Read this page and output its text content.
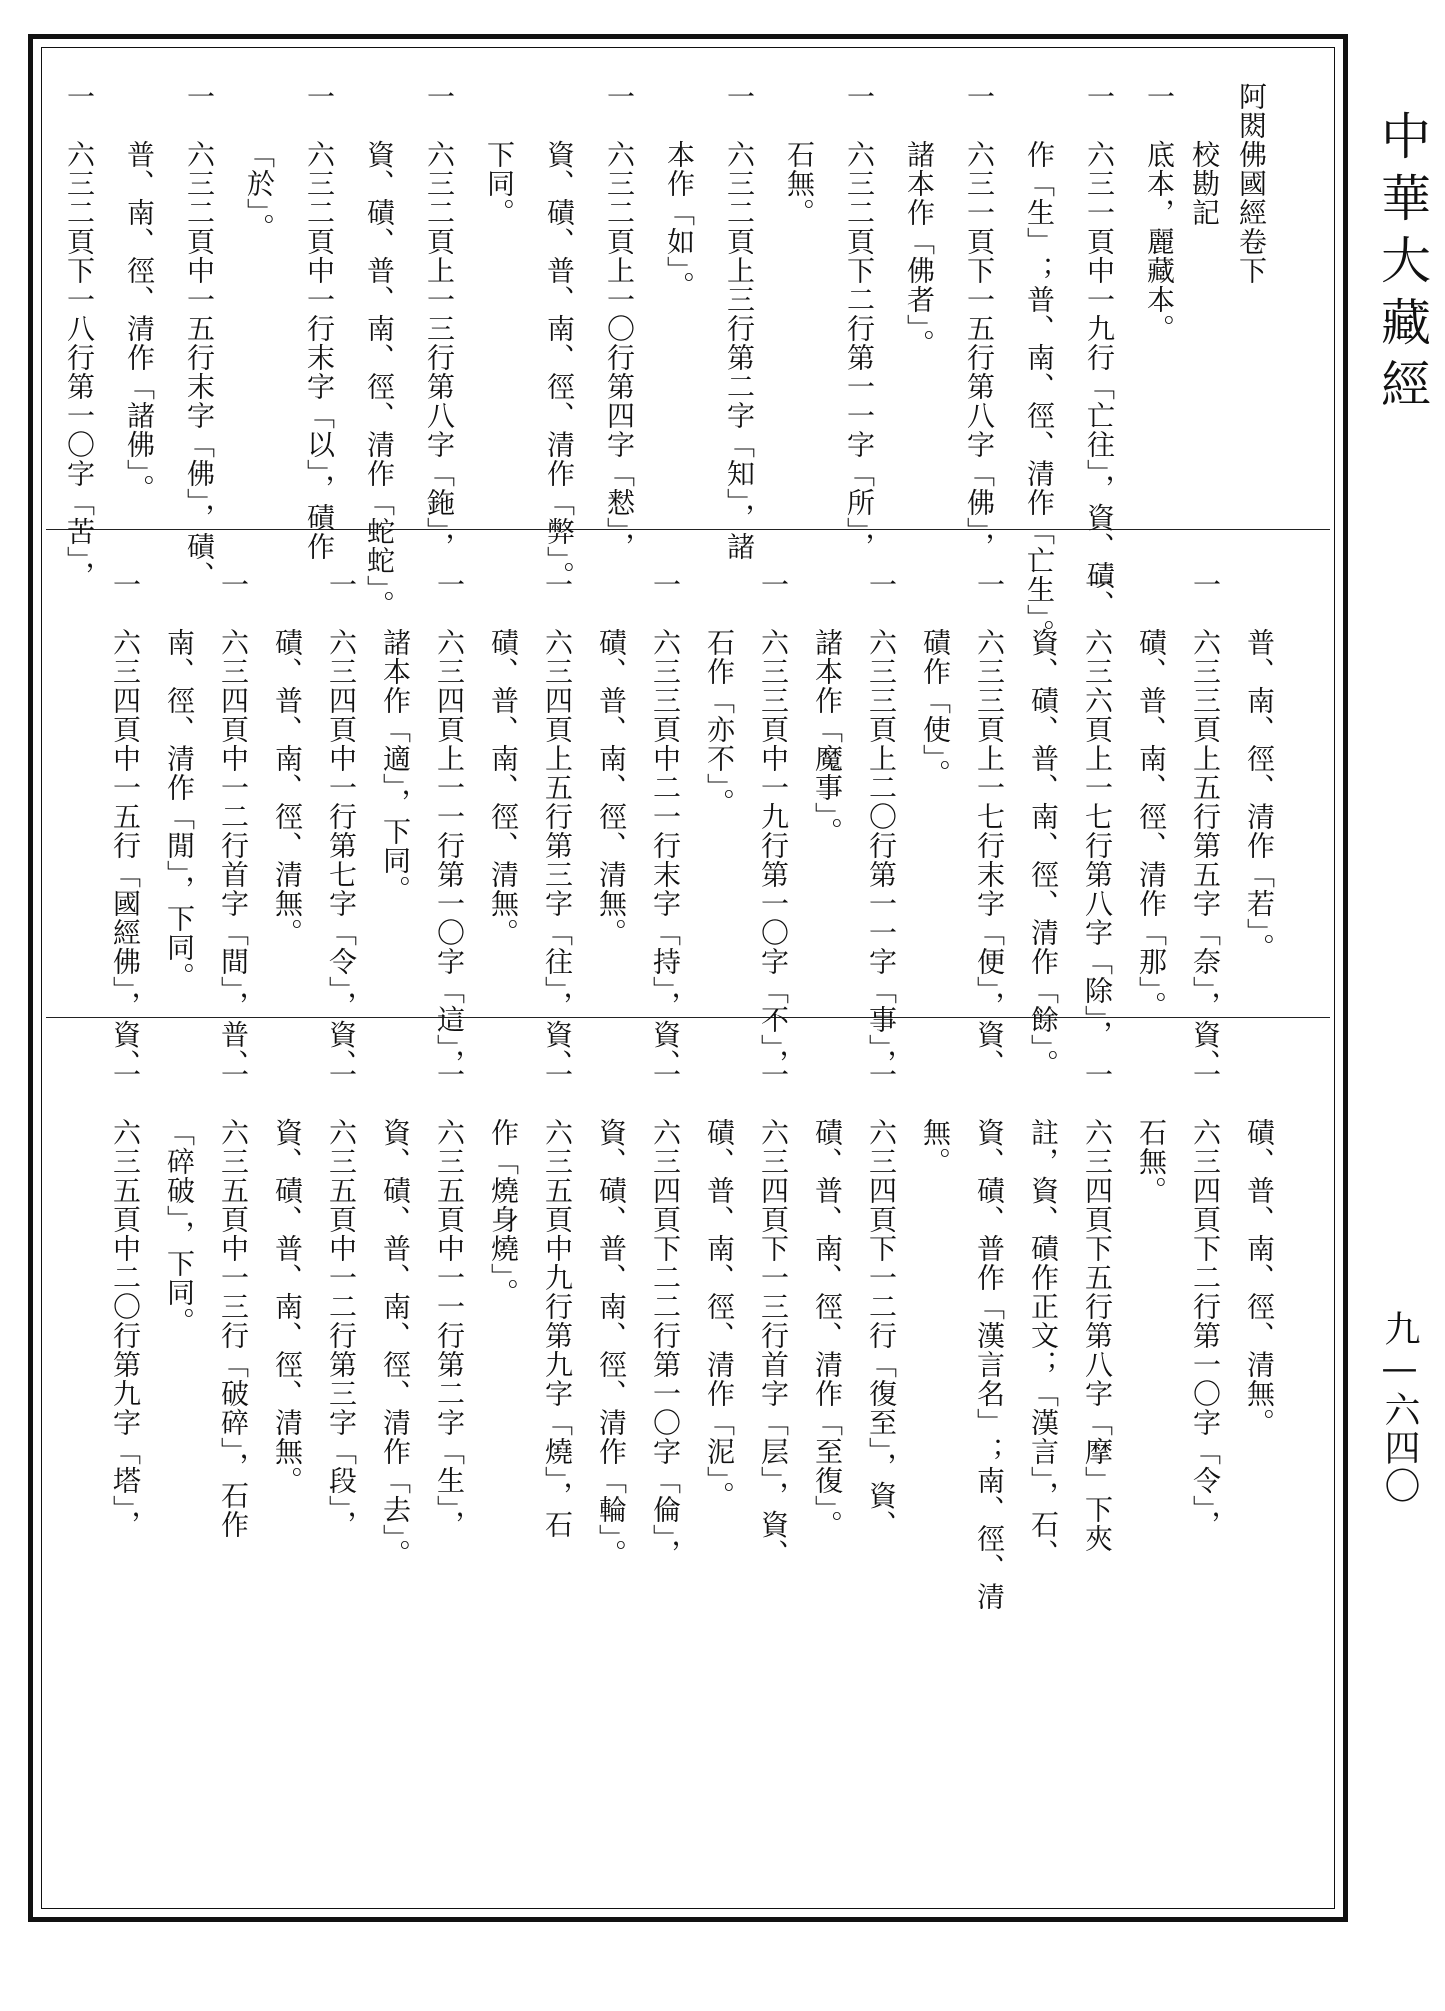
中華大藏經
九—六四〇
阿閦佛國經卷下
校勘記
一　底本，麗藏本。
一　六三一頁中一九行「亡往」，資、磧、
作「生」；普、南、徑、清作「亡生」。
一　六三一頁下一五行第八字「佛」，
諸本作「佛者」。
一　六三二頁下二行第一一字「所」，
石無。
一　六三二頁上三行第二字「知」，諸
本作「如」。
一　六三二頁上一〇行第四字「慭」，
資、磧、普、南、徑、清作「弊」。
下同。
一　六三二頁上一三行第八字「鉇」，
資、磧、普、南、徑、清作「蛇蛇」。
一　六三二頁中一行末字「以」，磧作
「於」。
一　六三二頁中一五行末字「佛」，磧、
普、南、徑、清作「諸佛」。
一　六三二頁下一八行第一〇字「苦」，
普、南、徑、清作「若」。
一　六三三頁上五行第五字「奈」，資、
磧、普、南、徑、清作「那」。
一　六三六頁上一七行第八字「除」，
資、磧、普、南、徑、清作「餘」。
一　六三三頁上一七行末字「便」，資、
磧作「使」。
一　六三三頁上二〇行第一一字「事」，
諸本作「魔事」。
一　六三三頁中一九行第一〇字「不」，
石作「亦不」。
一　六三三頁中二一行末字「持」，資、
磧、普、南、徑、清無。
一　六三四頁上五行第三字「往」，資、
磧、普、南、徑、清無。
一　六三四頁上一一行第一〇字「這」，
諸本作「適」，下同。
一　六三四頁中一行第七字「令」，資、
磧、普、南、徑、清無。
一　六三四頁中一二行首字「間」，普、
南、徑、清作「閒」，下同。
一　六三四頁中一五行「國經佛」，資、
磧、普、南、徑、清無。
一　六三四頁下二行第一〇字「令」，
石無。
一　六三四頁下五行第八字「摩」下夾
註，資、磧作正文；「漢言」，石、
資、磧、普作「漢言名」；南、徑、清
無。
一　六三四頁下一二行「復至」，資、
磧、普、南、徑、清作「至復」。
一　六三四頁下一三行首字「层」，資、
磧、普、南、徑、清作「泥」。
一　六三四頁下二二行第一〇字「倫」，
資、磧、普、南、徑、清作「輪」。
一　六三五頁中九行第九字「燒」，石
作「燒身燒」。
一　六三五頁中一一行第二字「生」，
資、磧、普、南、徑、清作「去」。
一　六三五頁中一二行第三字「段」，
資、磧、普、南、徑、清無。
一　六三五頁中一三行「破碎」，石作
「碎破」，下同。
一　六三五頁中二〇行第九字「塔」，
